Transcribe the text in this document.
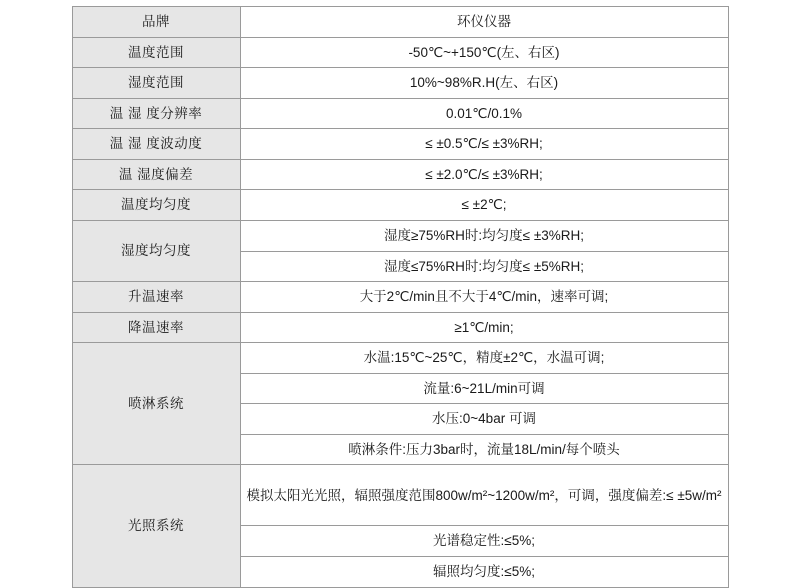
品牌	环仪仪器
温度范围	-50℃~+150℃(左、右区)
湿度范围	10%~98%R.H(左、右区)
温 湿 度分辨率	0.01℃/0.1%
温 湿 度波动度	≤ ±0.5℃/≤ ±3%RH;
温 湿度偏差	≤ ±2.0℃/≤ ±3%RH;
温度均匀度	≤ ±2℃;
湿度均匀度	湿度≥75%RH时:均匀度≤ ±3%RH;
	湿度≤75%RH时:均匀度≤ ±5%RH;
升温速率	大于2℃/min且不大于4℃/min，速率可调;
降温速率	≥1℃/min;
喷淋系统	水温:15℃~25℃，精度±2℃，水温可调;
	流量:6~21L/min可调
	水压:0~4bar 可调
	喷淋条件:压力3bar时，流量18L/min/每个喷头
光照系统	模拟太阳光光照，辐照强度范围800w/m²~1200w/m²，可调，强度偏差:≤ ±5w/m²
	光谱稳定性:≤5%;
	辐照均匀度:≤5%;
